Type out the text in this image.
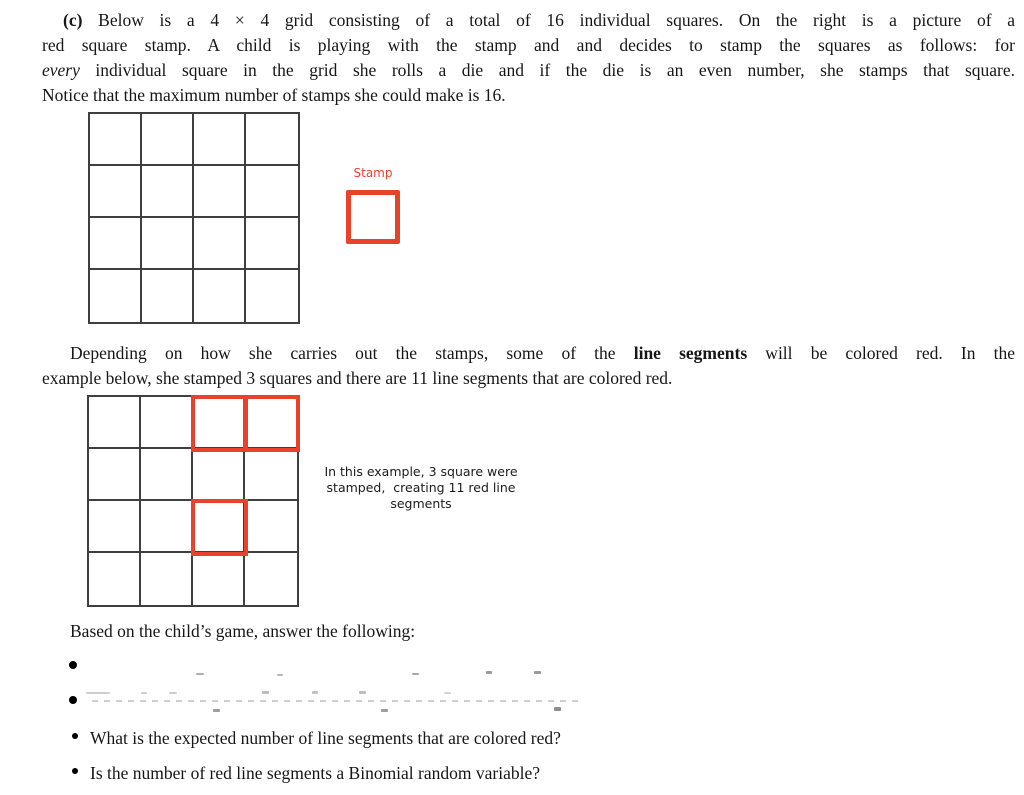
(c) Below is a 4 × 4 grid consisting of a total of 16 individual squares. On the right is a picture of a
red square stamp. A child is playing with the stamp and and decides to stamp the squares as follows: for
every individual square in the grid she rolls a die and if the die is an even number, she stamps that square.
Notice that the maximum number of stamps she could make is 16.
Stamp
Depending on how she carries out the stamps, some of the line segments will be colored red. In the
example below, she stamped 3 squares and there are 11 line segments that are colored red.
In this example, 3 square were
stamped,  creating 11 red line
segments
Based on the child’s game, answer the following:
What is the expected number of line segments that are colored red?
Is the number of red line segments a Binomial random variable?
